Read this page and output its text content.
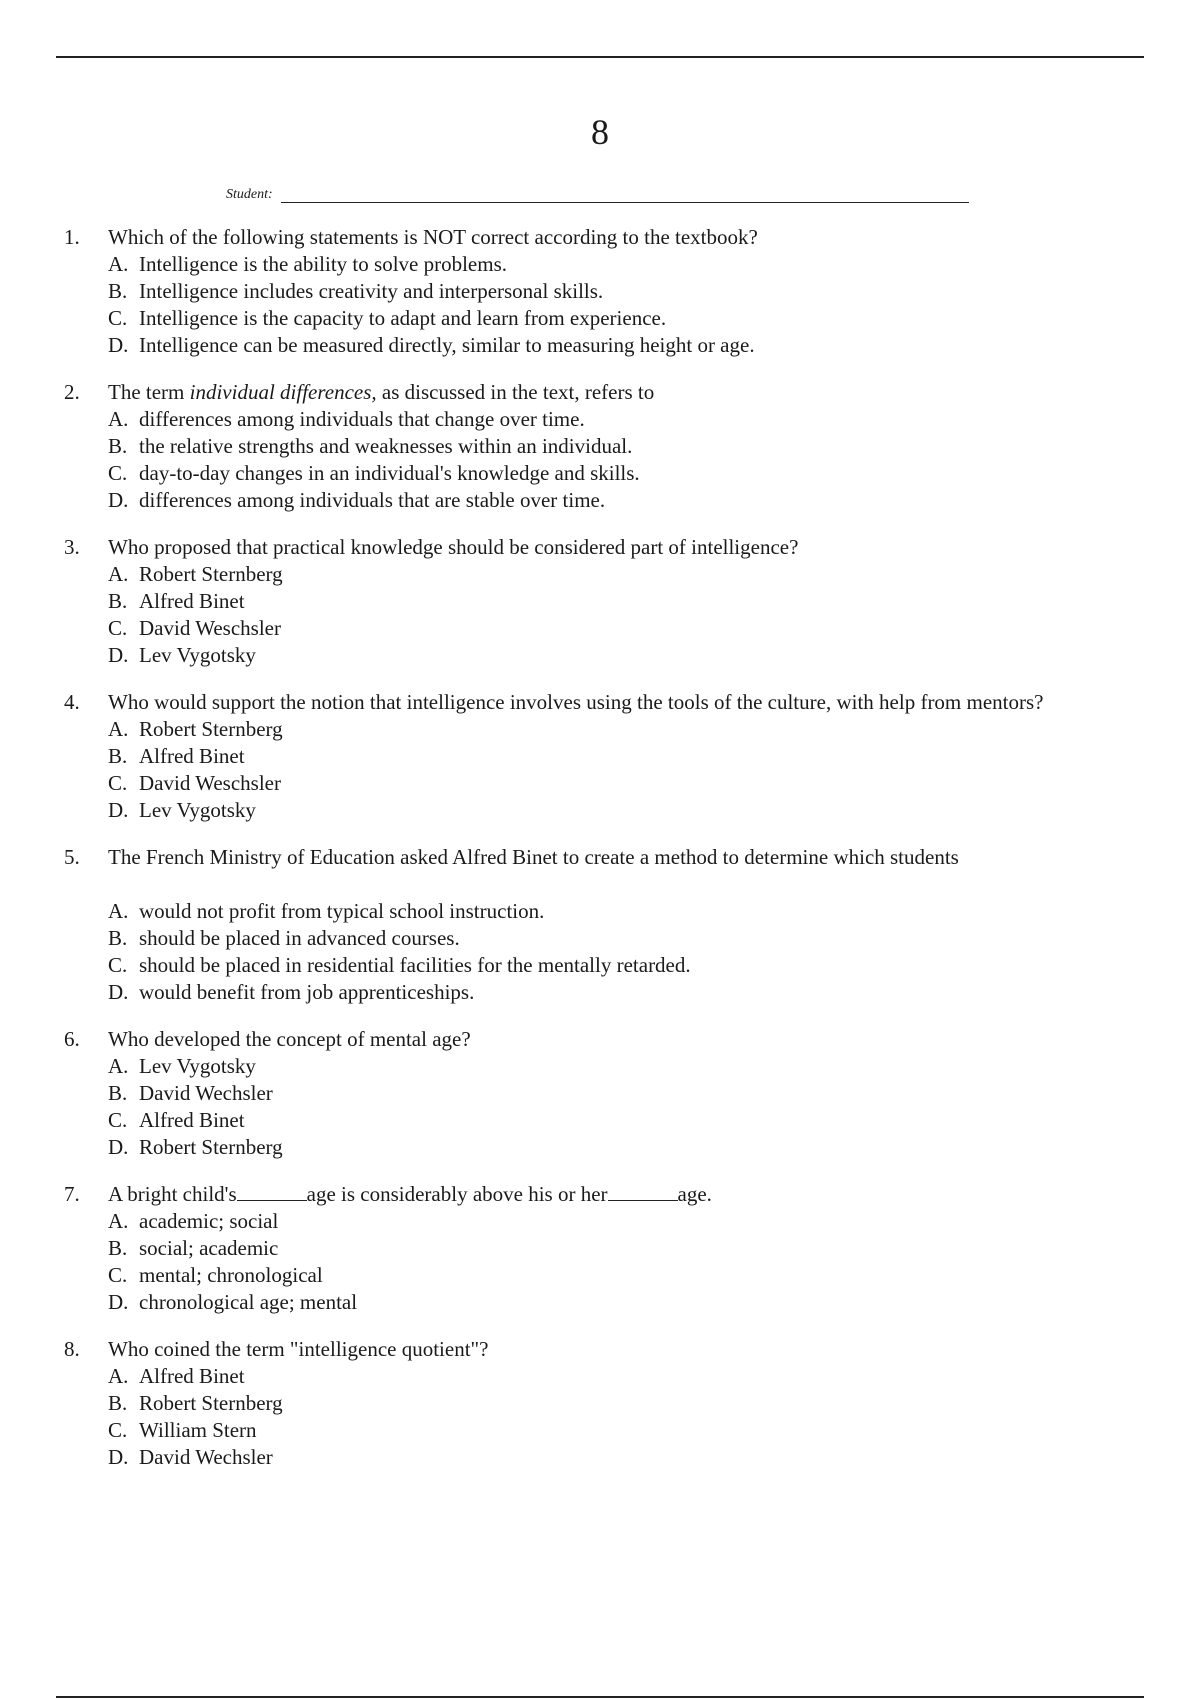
8
Student:
1.	Which of the following statements is NOT correct according to the textbook?
A. Intelligence is the ability to solve problems.
B. Intelligence includes creativity and interpersonal skills.
C. Intelligence is the capacity to adapt and learn from experience.
D. Intelligence can be measured directly, similar to measuring height or age.
2.	The term individual differences, as discussed in the text, refers to
A. differences among individuals that change over time.
B. the relative strengths and weaknesses within an individual.
C. day-to-day changes in an individual's knowledge and skills.
D. differences among individuals that are stable over time.
3.	Who proposed that practical knowledge should be considered part of intelligence?
A. Robert Sternberg
B. Alfred Binet
C. David Weschsler
D. Lev Vygotsky
4.	Who would support the notion that intelligence involves using the tools of the culture, with help from mentors?
A. Robert Sternberg
B. Alfred Binet
C. David Weschsler
D. Lev Vygotsky
5.	The French Ministry of Education asked Alfred Binet to create a method to determine which students
A. would not profit from typical school instruction.
B. should be placed in advanced courses.
C. should be placed in residential facilities for the mentally retarded.
D. would benefit from job apprenticeships.
6.	Who developed the concept of mental age?
A. Lev Vygotsky
B. David Wechsler
C. Alfred Binet
D. Robert Sternberg
7.	A bright child's	age is considerably above his or her	age.
A. academic; social
B. social; academic
C. mental; chronological
D. chronological age; mental
8.	Who coined the term "intelligence quotient"?
A. Alfred Binet
B. Robert Sternberg
C. William Stern
D. David Wechsler
